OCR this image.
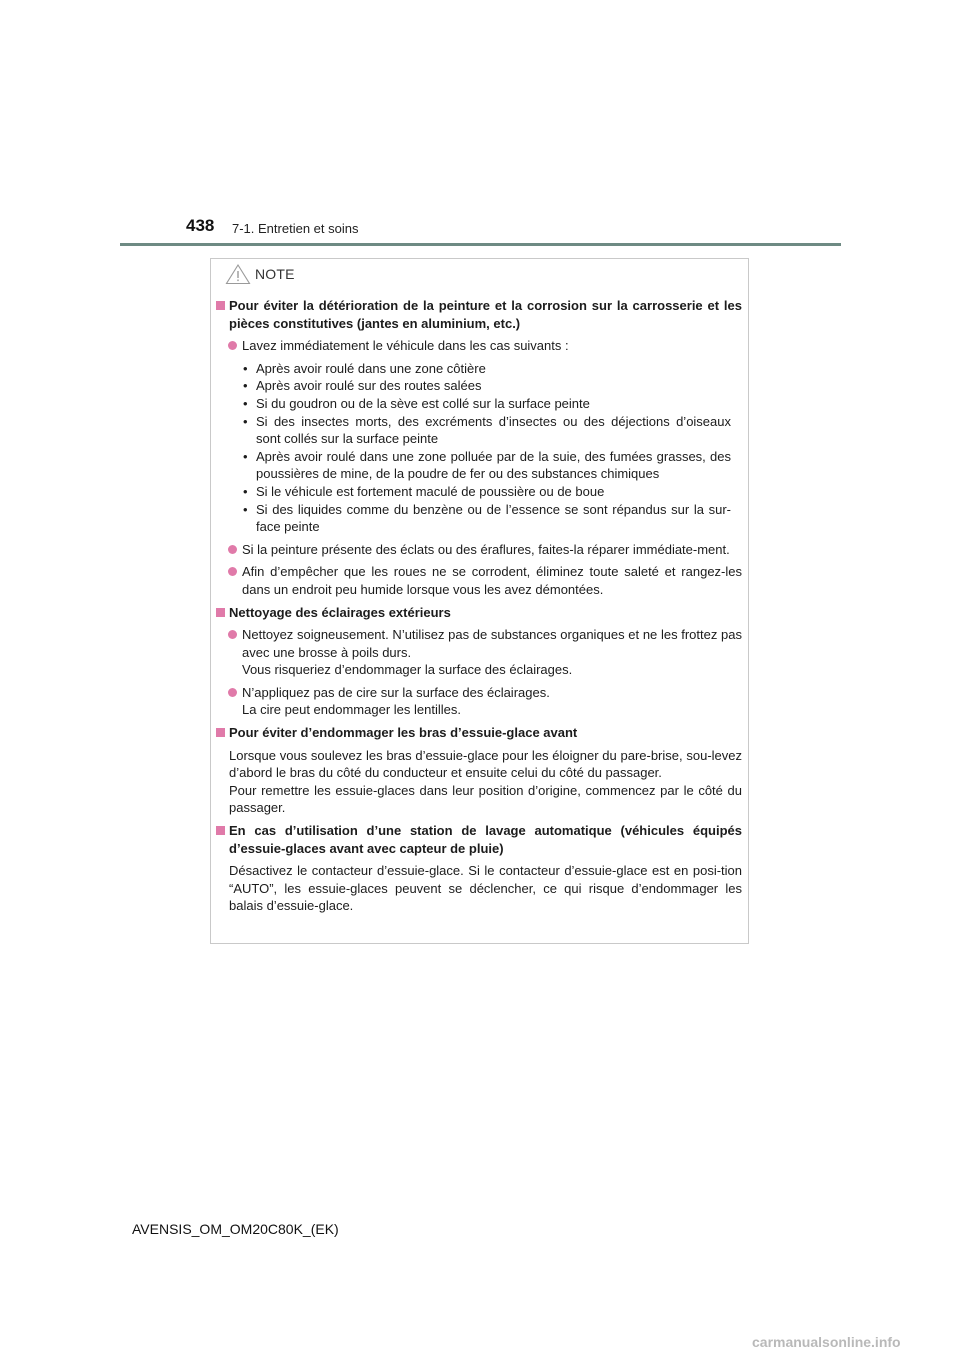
438 7-1. Entretien et soins
NOTE
Pour éviter la détérioration de la peinture et la corrosion sur la carrosserie et les pièces constitutives (jantes en aluminium, etc.)
Lavez immédiatement le véhicule dans les cas suivants :
• Après avoir roulé dans une zone côtière
• Après avoir roulé sur des routes salées
• Si du goudron ou de la sève est collé sur la surface peinte
• Si des insectes morts, des excréments d’insectes ou des déjections d’oiseaux sont collés sur la surface peinte
• Après avoir roulé dans une zone polluée par de la suie, des fumées grasses, des poussières de mine, de la poudre de fer ou des substances chimiques
• Si le véhicule est fortement maculé de poussière ou de boue
• Si des liquides comme du benzène ou de l’essence se sont répandus sur la sur-face peinte
Si la peinture présente des éclats ou des éraflures, faites-la réparer immédiate-ment.
Afin d’empêcher que les roues ne se corrodent, éliminez toute saleté et rangez-les dans un endroit peu humide lorsque vous les avez démontées.
Nettoyage des éclairages extérieurs
Nettoyez soigneusement. N’utilisez pas de substances organiques et ne les frottez pas avec une brosse à poils durs.
Vous risqueriez d’endommager la surface des éclairages.
N’appliquez pas de cire sur la surface des éclairages.
La cire peut endommager les lentilles.
Pour éviter d’endommager les bras d’essuie-glace avant
Lorsque vous soulevez les bras d’essuie-glace pour les éloigner du pare-brise, sou-levez d’abord le bras du côté du conducteur et ensuite celui du côté du passager.
Pour remettre les essuie-glaces dans leur position d’origine, commencez par le côté du passager.
En cas d’utilisation d’une station de lavage automatique (véhicules équipés d’essuie-glaces avant avec capteur de pluie)
Désactivez le contacteur d’essuie-glace. Si le contacteur d’essuie-glace est en posi-tion “AUTO”, les essuie-glaces peuvent se déclencher, ce qui risque d’endommager les balais d’essuie-glace.
AVENSIS_OM_OM20C80K_(EK)
carmanualsonline.info
